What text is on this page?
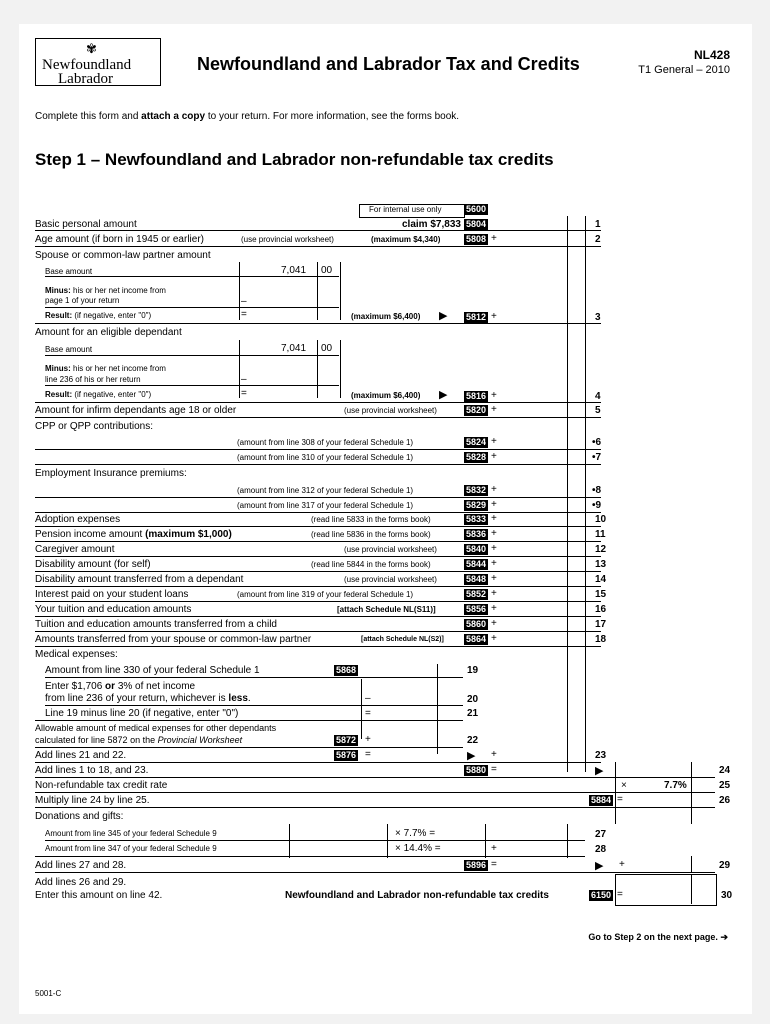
✾
Newfoundland
Labrador
Newfoundland and Labrador Tax and Credits	NL428
T1 General – 2010
Complete this form and attach a copy to your return. For more information, see the forms book.
Step 1 – Newfoundland and Labrador non-refundable tax credits
For internal use only	5600
Basic personal amount	claim $7,833 5804	1
Age amount (if born in 1945 or earlier)	(use provincial worksheet)	(maximum $4,340)	5808 +	2
Spouse or common-law partner amount
Base amount	7,041 00
Minus: his or her net income from
page 1 of your return	–
Result: (if negative, enter "0")	=	(maximum $6,400) ▶ 5812 +	3
Amount for an eligible dependant
Base amount	7,041 00
Minus: his or her net income from
line 236 of his or her return	–
Result: (if negative, enter "0")	=	(maximum $6,400) ▶ 5816 +	4
Amount for infirm dependants age 18 or older	(use provincial worksheet)	5820 +	5
CPP or QPP contributions:
(amount from line 308 of your federal Schedule 1)	5824 +	•6
(amount from line 310 of your federal Schedule 1)	5828 +	•7
Employment Insurance premiums:
(amount from line 312 of your federal Schedule 1)	5832 +	•8
(amount from line 317 of your federal Schedule 1)	5829 +	•9
Adoption expenses	(read line 5833 in the forms book)	5833 +	10
Pension income amount (maximum $1,000)	(read line 5836 in the forms book)	5836 +	11
Caregiver amount	(use provincial worksheet)	5840 +	12
Disability amount (for self)	(read line 5844 in the forms book)	5844 +	13
Disability amount transferred from a dependant	(use provincial worksheet)	5848 +	14
Interest paid on your student loans	(amount from line 319 of your federal Schedule 1)	5852 +	15
Your tuition and education amounts	[attach Schedule NL(S11)]	5856 +	16
Tuition and education amounts transferred from a child	5860 +	17
Amounts transferred from your spouse or common-law partner	[attach Schedule NL(S2)] 5864 +	18
Medical expenses:
Amount from line 330 of your federal Schedule 1	5868	19
Enter $1,706 or 3% of net income
from line 236 of your return, whichever is less.	–	20
Line 19 minus line 20 (if negative, enter "0")	=	21
Allowable amount of medical expenses for other dependants
calculated for line 5872 on the Provincial Worksheet	5872 +	22
Add lines 21 and 22.	5876 =	▶ +	23
Add lines 1 to 18, and 23.	5880 =	▶	24
Non-refundable tax credit rate	×	7.7%	25
Multiply line 24 by line 25.	5884 =	26
Donations and gifts:
Amount from line 345 of your federal Schedule 9	× 7.7% =	27
Amount from line 347 of your federal Schedule 9	× 14.4% =	+	28
Add lines 27 and 28.	5896 =	▶ +	29
Add lines 26 and 29.
Enter this amount on line 42.	Newfoundland and Labrador non-refundable tax credits	6150 =	30
Go to Step 2 on the next page. ➔
5001-C
